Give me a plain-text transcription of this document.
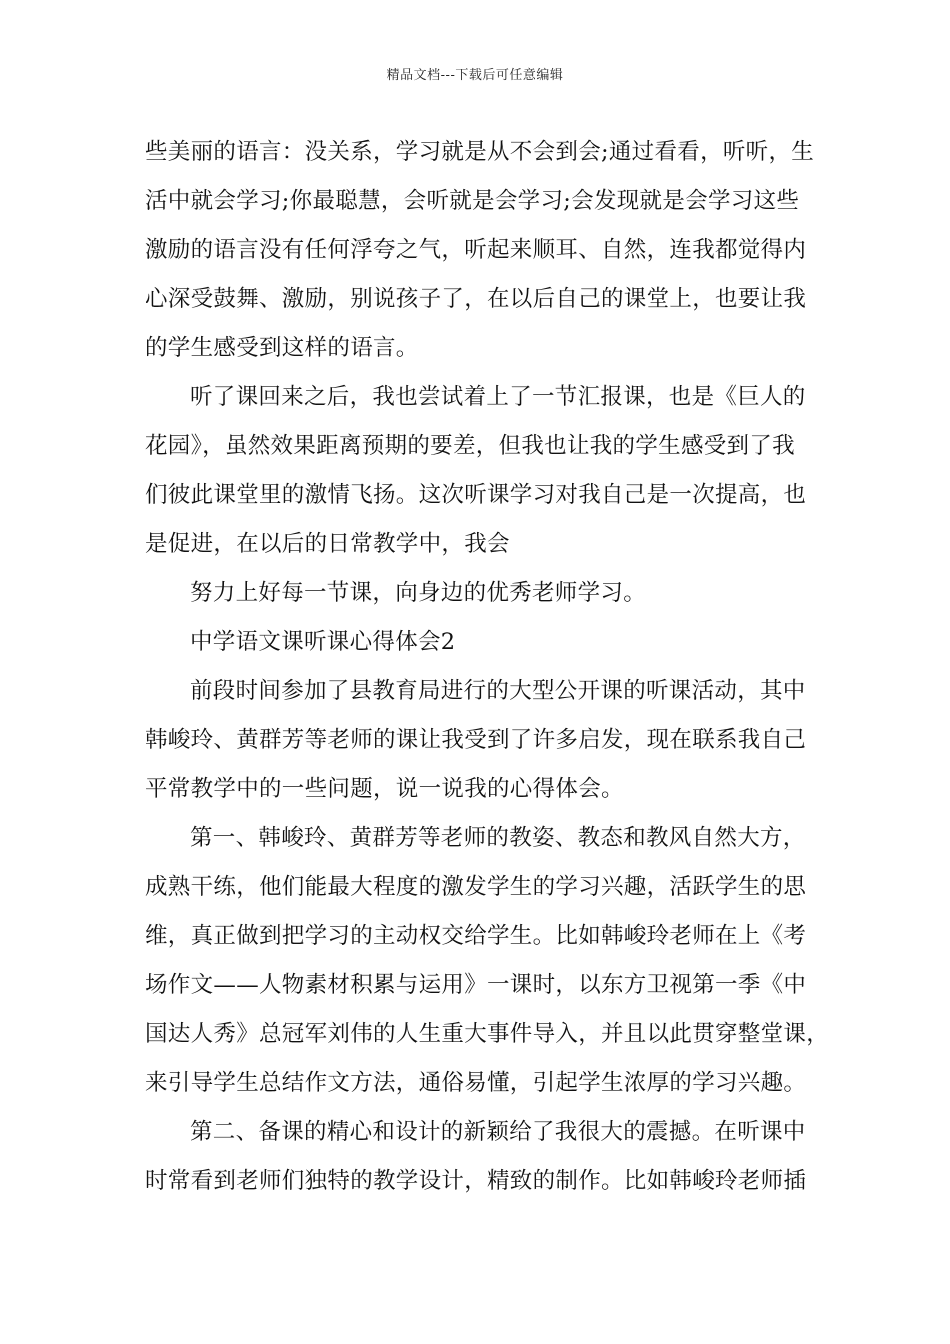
精品文档---下载后可任意编辑
些美丽的语言：没关系，学习就是从不会到会;通过看看，听听，生
活中就会学习;你最聪慧，会听就是会学习;会发现就是会学习这些
激励的语言没有任何浮夸之气，听起来顺耳、自然，连我都觉得内
心深受鼓舞、激励，别说孩子了，在以后自己的课堂上，也要让我
的学生感受到这样的语言。
听了课回来之后，我也尝试着上了一节汇报课，也是《巨人的
花园》，虽然效果距离预期的要差，但我也让我的学生感受到了我
们彼此课堂里的激情飞扬。这次听课学习对我自己是一次提高，也
是促进，在以后的日常教学中，我会
努力上好每一节课，向身边的优秀老师学习。
中学语文课听课心得体会2
前段时间参加了县教育局进行的大型公开课的听课活动，其中
韩峻玲、黄群芳等老师的课让我受到了许多启发，现在联系我自己
平常教学中的一些问题，说一说我的心得体会。
第一、韩峻玲、黄群芳等老师的教姿、教态和教风自然大方，
成熟干练，他们能最大程度的激发学生的学习兴趣，活跃学生的思
维，真正做到把学习的主动权交给学生。比如韩峻玲老师在上《考
场作文——人物素材积累与运用》一课时，以东方卫视第一季《中
国达人秀》总冠军刘伟的人生重大事件导入，并且以此贯穿整堂课，
来引导学生总结作文方法，通俗易懂，引起学生浓厚的学习兴趣。
第二、备课的精心和设计的新颖给了我很大的震撼。在听课中
时常看到老师们独特的教学设计，精致的制作。比如韩峻玲老师插
